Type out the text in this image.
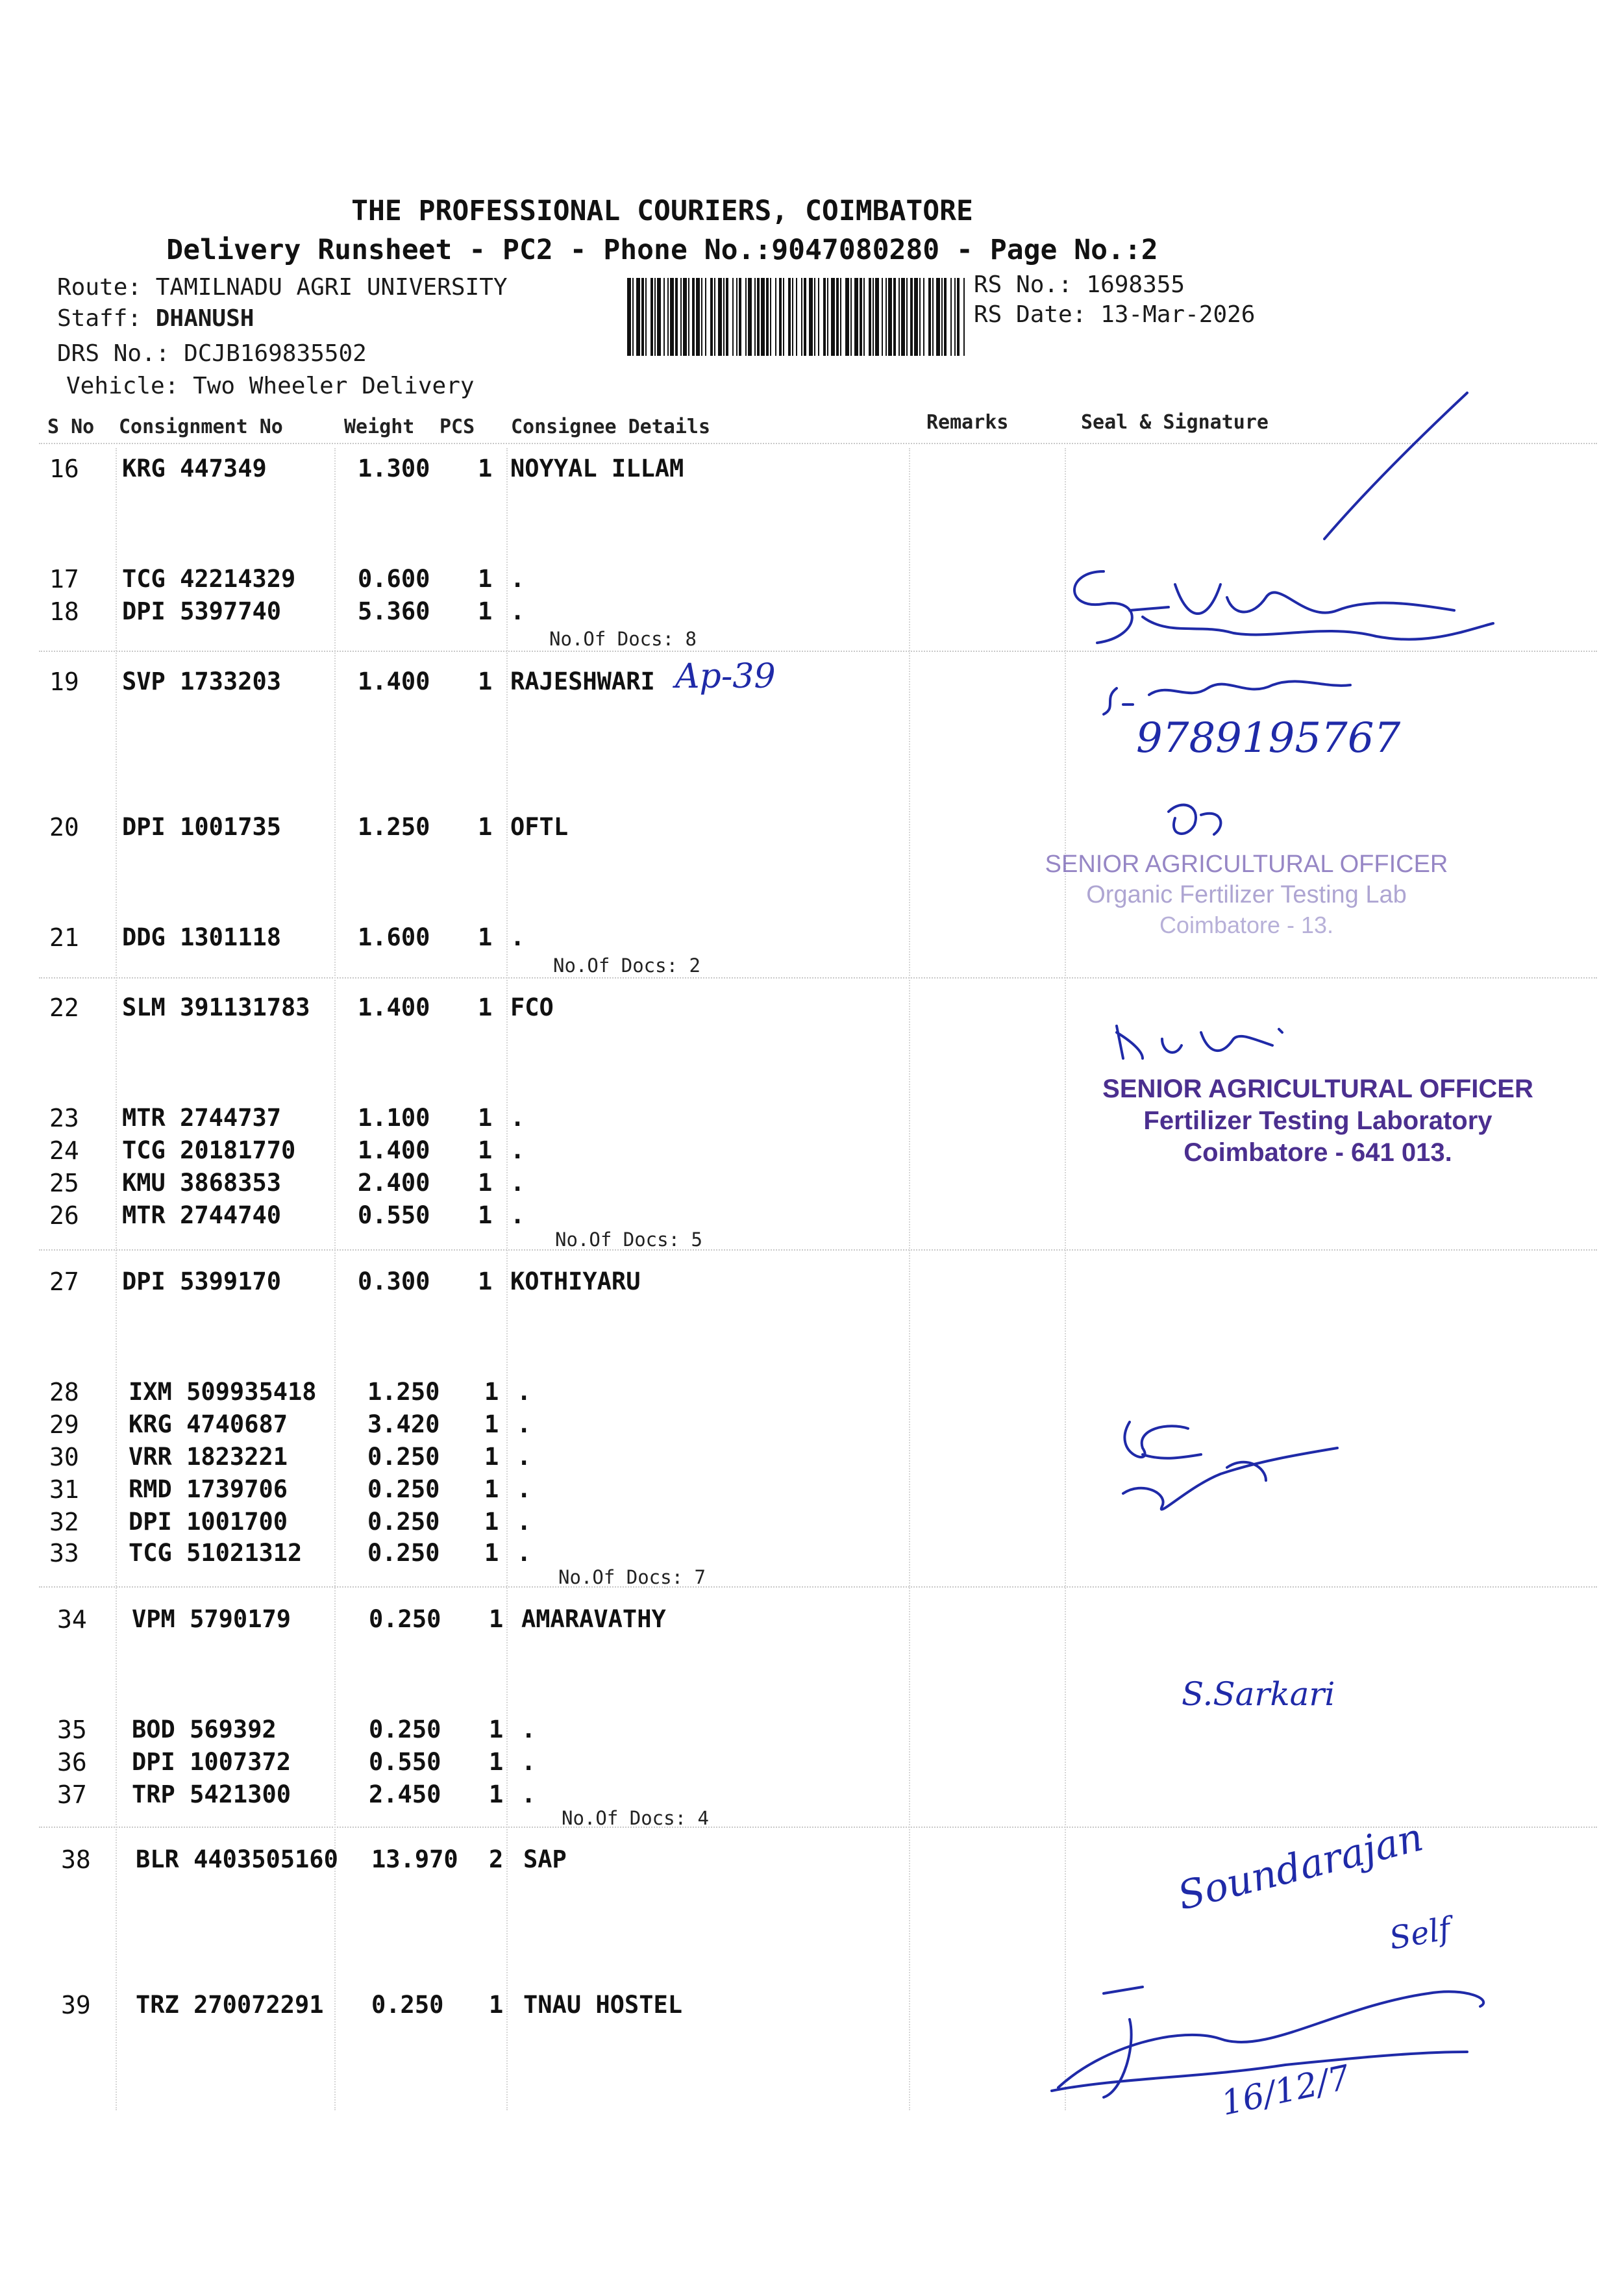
THE PROFESSIONAL COURIERS, COIMBATORE
Delivery Runsheet - PC2 - Phone No.:9047080280 - Page No.:2
Route: TAMILNADU AGRI UNIVERSITY
Staff: DHANUSH
DRS No.: DCJB169835502
Vehicle: Two Wheeler Delivery
RS No.: 1698355
RS Date: 13-Mar-2026
S No Consignment No	Weight PCS Consignee Details	Remarks	Seal & Signature
16 KRG 447349	1.300 1 NOYYAL ILLAM
17 TCG 42214329	0.600 1 .
18 DPI 5397740	5.360 1 .
No.Of Docs: 8
19 SVP 1733203	1.400 1 RAJESHWARI Ap-39
20 DPI 1001735	1.250 1 OFTL
21 DDG 1301118	1.600 1 .
No.Of Docs: 2
22 SLM 391131783 1.400 1 FCO
23 MTR 2744737	1.100 1 .
24 TCG 20181770	1.400 1 .
25 KMU 3868353	2.400 1 .
26 MTR 2744740	0.550 1 .
No.Of Docs: 5
27 DPI 5399170	0.300 1 KOTHIYARU
28 IXM 509935418 1.250 1 .
29 KRG 4740687	3.420 1 .
30 VRR 1823221	0.250 1 .
31 RMD 1739706	0.250 1 .
32 DPI 1001700	0.250 1 .
33 TCG 51021312	0.250 1 .
No.Of Docs: 7
34 VPM 5790179	0.250 1 AMARAVATHY
35 BOD 569392	0.250 1 .
36 DPI 1007372	0.550 1 .
37 TRP 5421300	2.450 1 .
No.Of Docs: 4
38 BLR 4403505160 13.970 2 SAP
39 TRZ 270072291 0.250 1 TNAU HOSTEL
SENIOR AGRICULTURAL OFFICER
Organic Fertilizer Testing Lab
Coimbatore - 13.
SENIOR AGRICULTURAL OFFICER
Fertilizer Testing Laboratory
Coimbatore - 641 013.
9789195767
S.Sarkari
Soundarajan
Self
16/12/7
